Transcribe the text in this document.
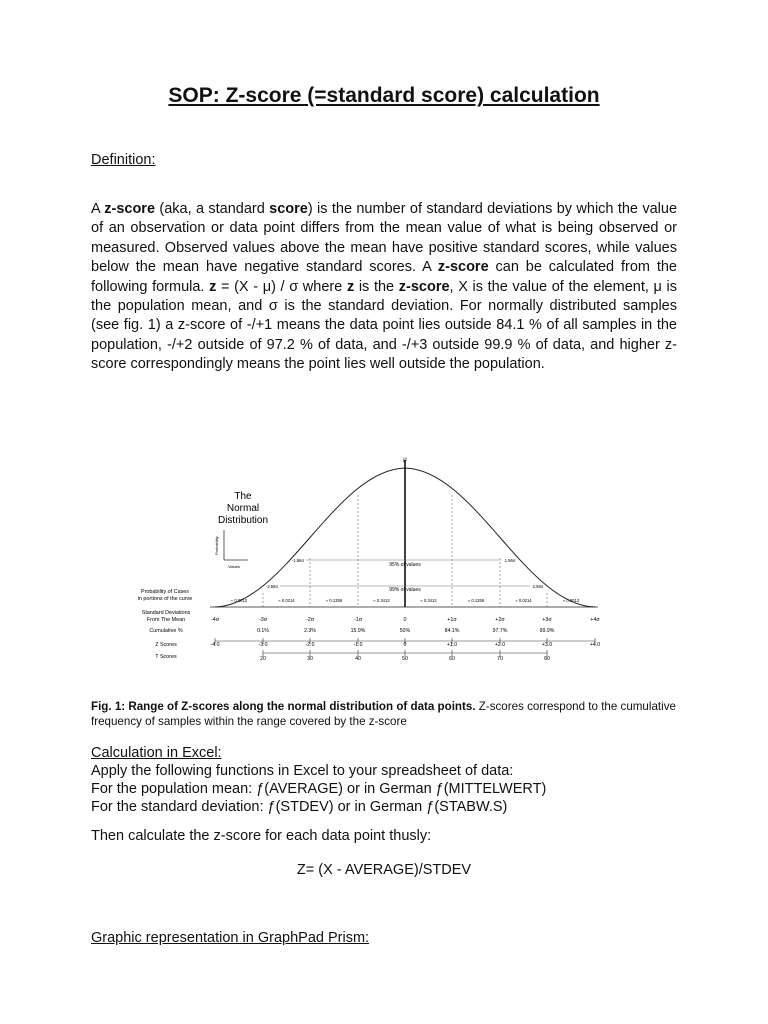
SOP: Z-score (=standard score) calculation
Definition:
A z-score (aka, a standard score) is the number of standard deviations by which the value of an observation or data point differs from the mean value of what is being observed or measured. Observed values above the mean have positive standard scores, while values below the mean have negative standard scores. A z-score can be calculated from the following formula. z = (X - μ) / σ where z is the z-score, X is the value of the element, μ is the population mean, and σ is the standard deviation. For normally distributed samples (see fig. 1) a z-score of -/+1 means the data point lies outside 84.1 % of all samples in the population, -/+2 outside of 97.2 % of data, and -/+3 outside 99.9 % of data, and higher z-score correspondingly means the point lies well outside the population.
The
Normal
Distribution
Probability
Values
μ
95% of values
-1.96σ	1.96σ
99% of values
-2.58σ	2.58σ
Probability of Cases
in portions of the curve
Standard Deviations
From The Mean
Cumulative %
Z Scores
T Scores
≈ 0.0013	≈ 0.0214	≈ 0.1359	≈ 0.3413	≈ 0.3413	≈ 0.1359	≈ 0.0214	≈ 0.0013
-4σ	-3σ	-2σ	-1σ	0	+1σ	+2σ	+3σ	+4σ
0.1%	2.3%	15.9%	50%	84.1%	97.7%	99.9%
-4.0	-3.0	-2.0	-1.0	0	+1.0	+2.0	+3.0	+4.0
20	30	40	50	60	70	80
Fig. 1: Range of Z-scores along the normal distribution of data points. Z-scores correspond to the cumulative frequency of samples within the range covered by the z-score
Calculation in Excel:
Apply the following functions in Excel to your spreadsheet of data:
For the population mean: ƒ(AVERAGE) or in German ƒ(MITTELWERT)
For the standard deviation: ƒ(STDEV) or in German ƒ(STABW.S)
Then calculate the z-score for each data point thusly:
Z= (X - AVERAGE)/STDEV
Graphic representation in GraphPad Prism:
